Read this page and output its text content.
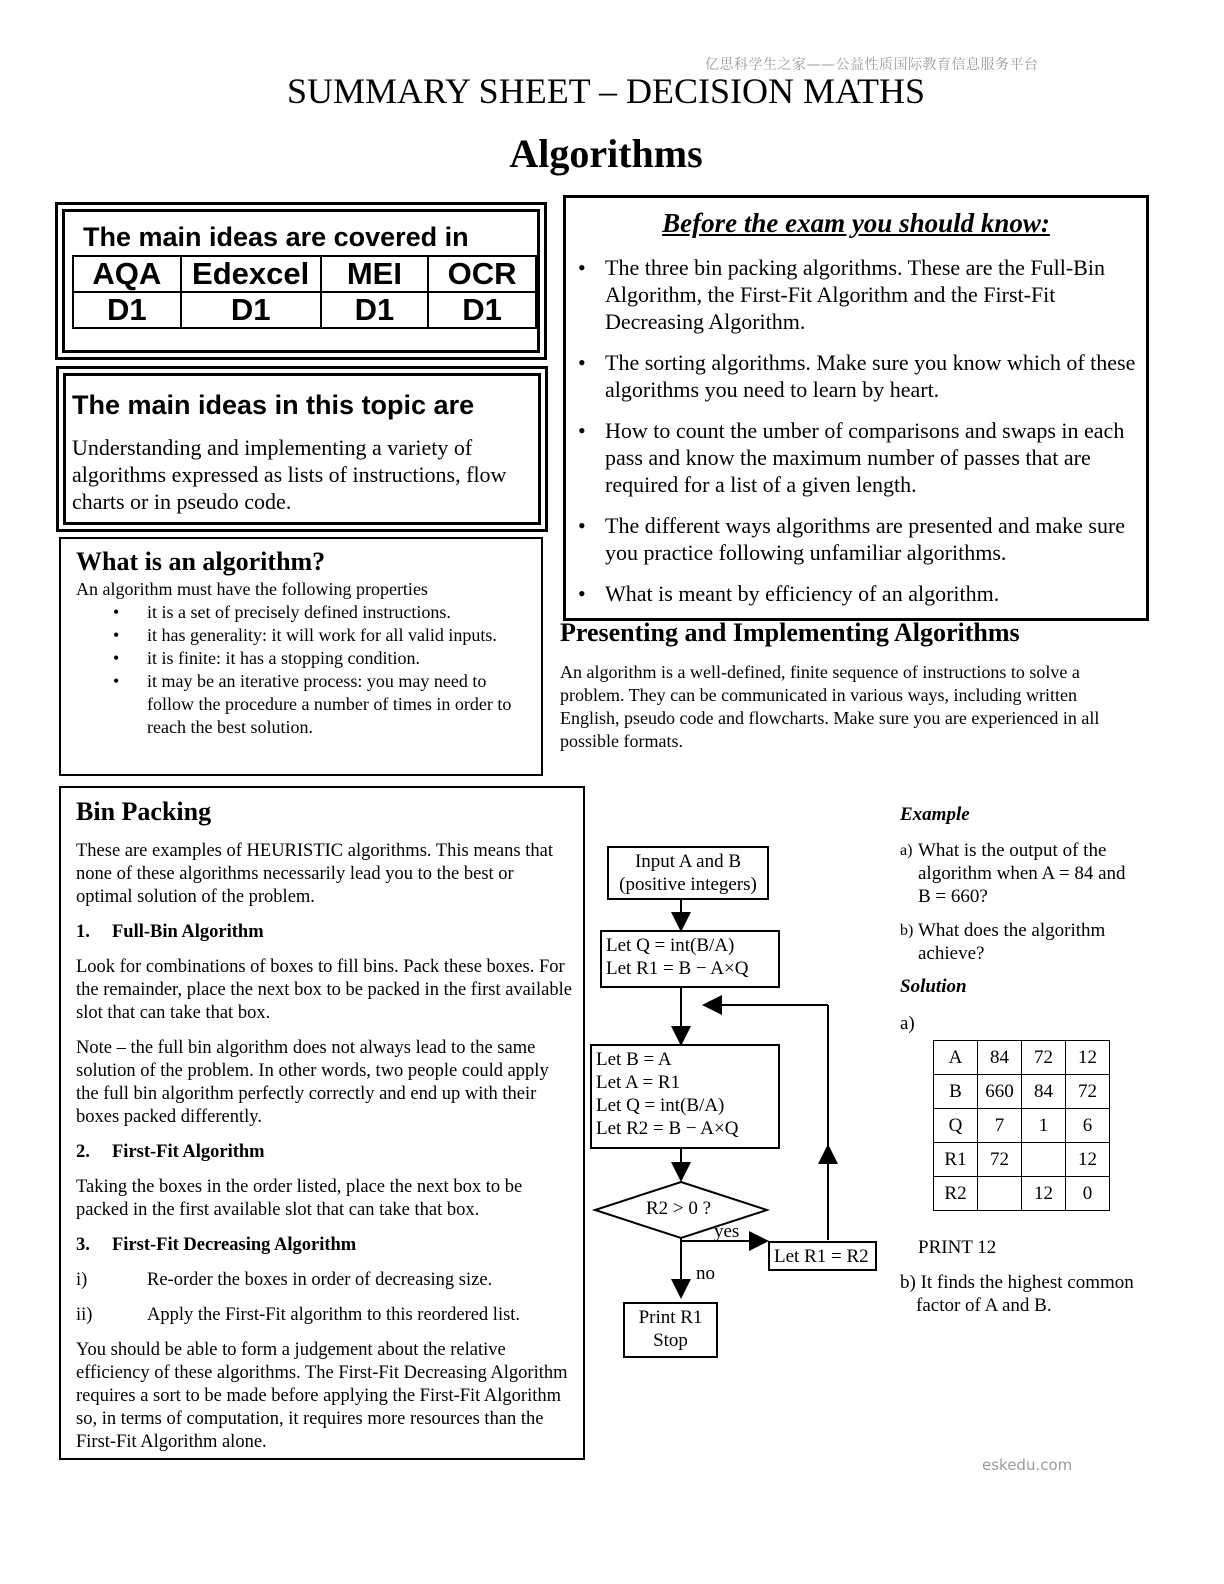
亿思科学生之家——公益性质国际教育信息服务平台
eskedu.com
SUMMARY SHEET – DECISION MATHS
Algorithms
The main ideas are covered in
AQA	Edexcel	MEI	OCR
D1	D1	D1	D1
The main ideas in this topic are
Understanding and implementing a variety of algorithms expressed as lists of instructions, flow charts or in pseudo code.
What is an algorithm?
An algorithm must have the following properties
• it is a set of precisely defined instructions.
• it has generality: it will work for all valid inputs.
• it is finite: it has a stopping condition.
• it may be an iterative process: you may need to follow the procedure a number of times in order to reach the best solution.
Before the exam you should know:
• The three bin packing algorithms. These are the Full-Bin Algorithm, the First-Fit Algorithm and the First-Fit Decreasing Algorithm.
• The sorting algorithms. Make sure you know which of these algorithms you need to learn by heart.
• How to count the umber of comparisons and swaps in each pass and know the maximum number of passes that are required for a list of a given length.
• The different ways algorithms are presented and make sure you practice following unfamiliar algorithms.
• What is meant by efficiency of an algorithm.
Presenting and Implementing Algorithms
An algorithm is a well-defined, finite sequence of instructions to solve a problem. They can be communicated in various ways, including written English, pseudo code and flowcharts. Make sure you are experienced in all possible formats.
Bin Packing

These are examples of HEURISTIC algorithms. This means that none of these algorithms necessarily lead you to the best or optimal solution of the problem.

1. Full-Bin Algorithm

Look for combinations of boxes to fill bins. Pack these boxes. For the remainder, place the next box to be packed in the first available slot that can take that box.

Note – the full bin algorithm does not always lead to the same solution of the problem. In other words, two people could apply the full bin algorithm perfectly correctly and end up with their boxes packed differently.

2. First-Fit Algorithm

Taking the boxes in the order listed, place the next box to be packed in the first available slot that can take that box.

3. First-Fit Decreasing Algorithm
i)	Re-order the boxes in order of decreasing size.
ii)	Apply the First-Fit algorithm to this reordered list.

You should be able to form a judgement about the relative efficiency of these algorithms. The First-Fit Decreasing Algorithm requires a sort to be made before applying the First-Fit Algorithm so, in terms of computation, it requires more resources than the First-Fit Algorithm alone.

Input A and B
(positive integers)
Let Q = int(B/A)
Let R1 = B − A×Q
Let B = A
Let A = R1
Let Q = int(B/A)
Let R2 = B − A×Q
R2 > 0 ?
yes
no
Let R1 = R2
Print R1
Stop
Example
a) What is the output of the algorithm when A = 84 and B = 660?
b) What does the algorithm achieve?
Solution
a)
A	84	72	12
B	660	84	72
Q	7	1	6
R1	72		12
R2		12	0
PRINT 12
b) It finds the highest common factor of A and B.
